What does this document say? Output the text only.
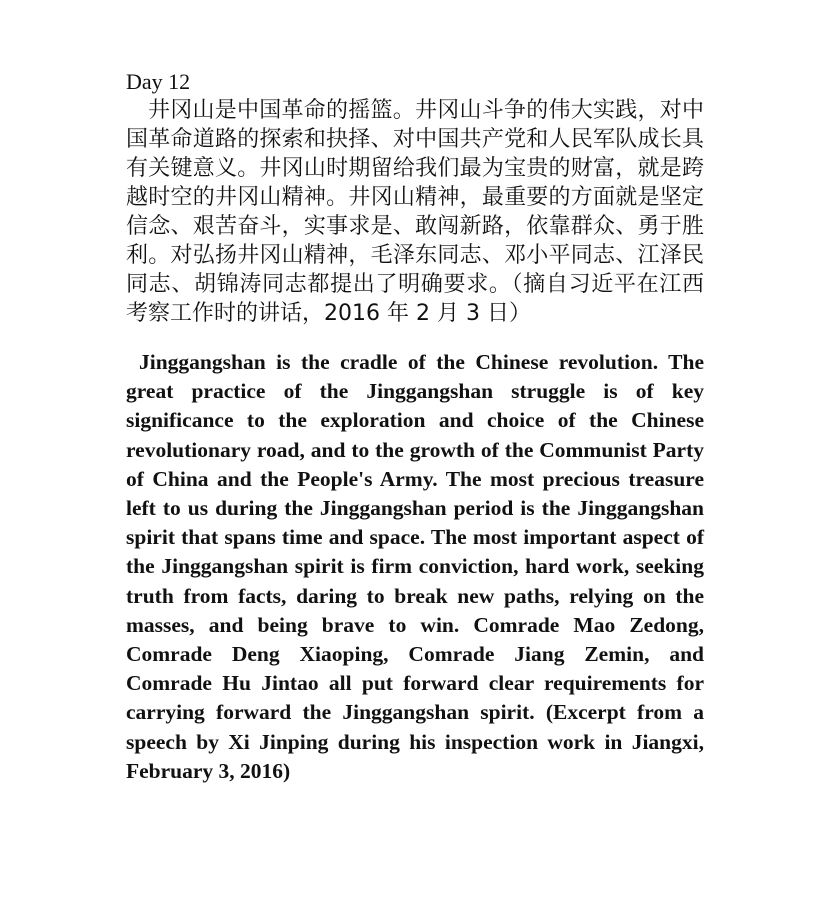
Day 12

井冈山是中国革命的摇篮。井冈山斗争的伟大实践，对中国革命道路的探索和抉择、对中国共产党和人民军队成长具有关键意义。井冈山时期留给我们最为宝贵的财富，就是跨越时空的井冈山精神。井冈山精神，最重要的方面就是坚定信念、艰苦奋斗，实事求是、敢闯新路，依靠群众、勇于胜利。对弘扬井冈山精神，毛泽东同志、邓小平同志、江泽民同志、胡锦涛同志都提出了明确要求。（摘自习近平在江西考察工作时的讲话，2016 年 2 月 3 日）

Jinggangshan is the cradle of the Chinese revolution. The great practice of the Jinggangshan struggle is of key significance to the exploration and choice of the Chinese revolutionary road, and to the growth of the Communist Party of China and the People's Army. The most precious treasure left to us during the Jinggangshan period is the Jinggangshan spirit that spans time and space. The most important aspect of the Jinggangshan spirit is firm conviction, hard work, seeking truth from facts, daring to break new paths, relying on the masses, and being brave to win. Comrade Mao Zedong, Comrade Deng Xiaoping, Comrade Jiang Zemin, and Comrade Hu Jintao all put forward clear requirements for carrying forward the Jinggangshan spirit. (Excerpt from a speech by Xi Jinping during his inspection work in Jiangxi, February 3, 2016)
